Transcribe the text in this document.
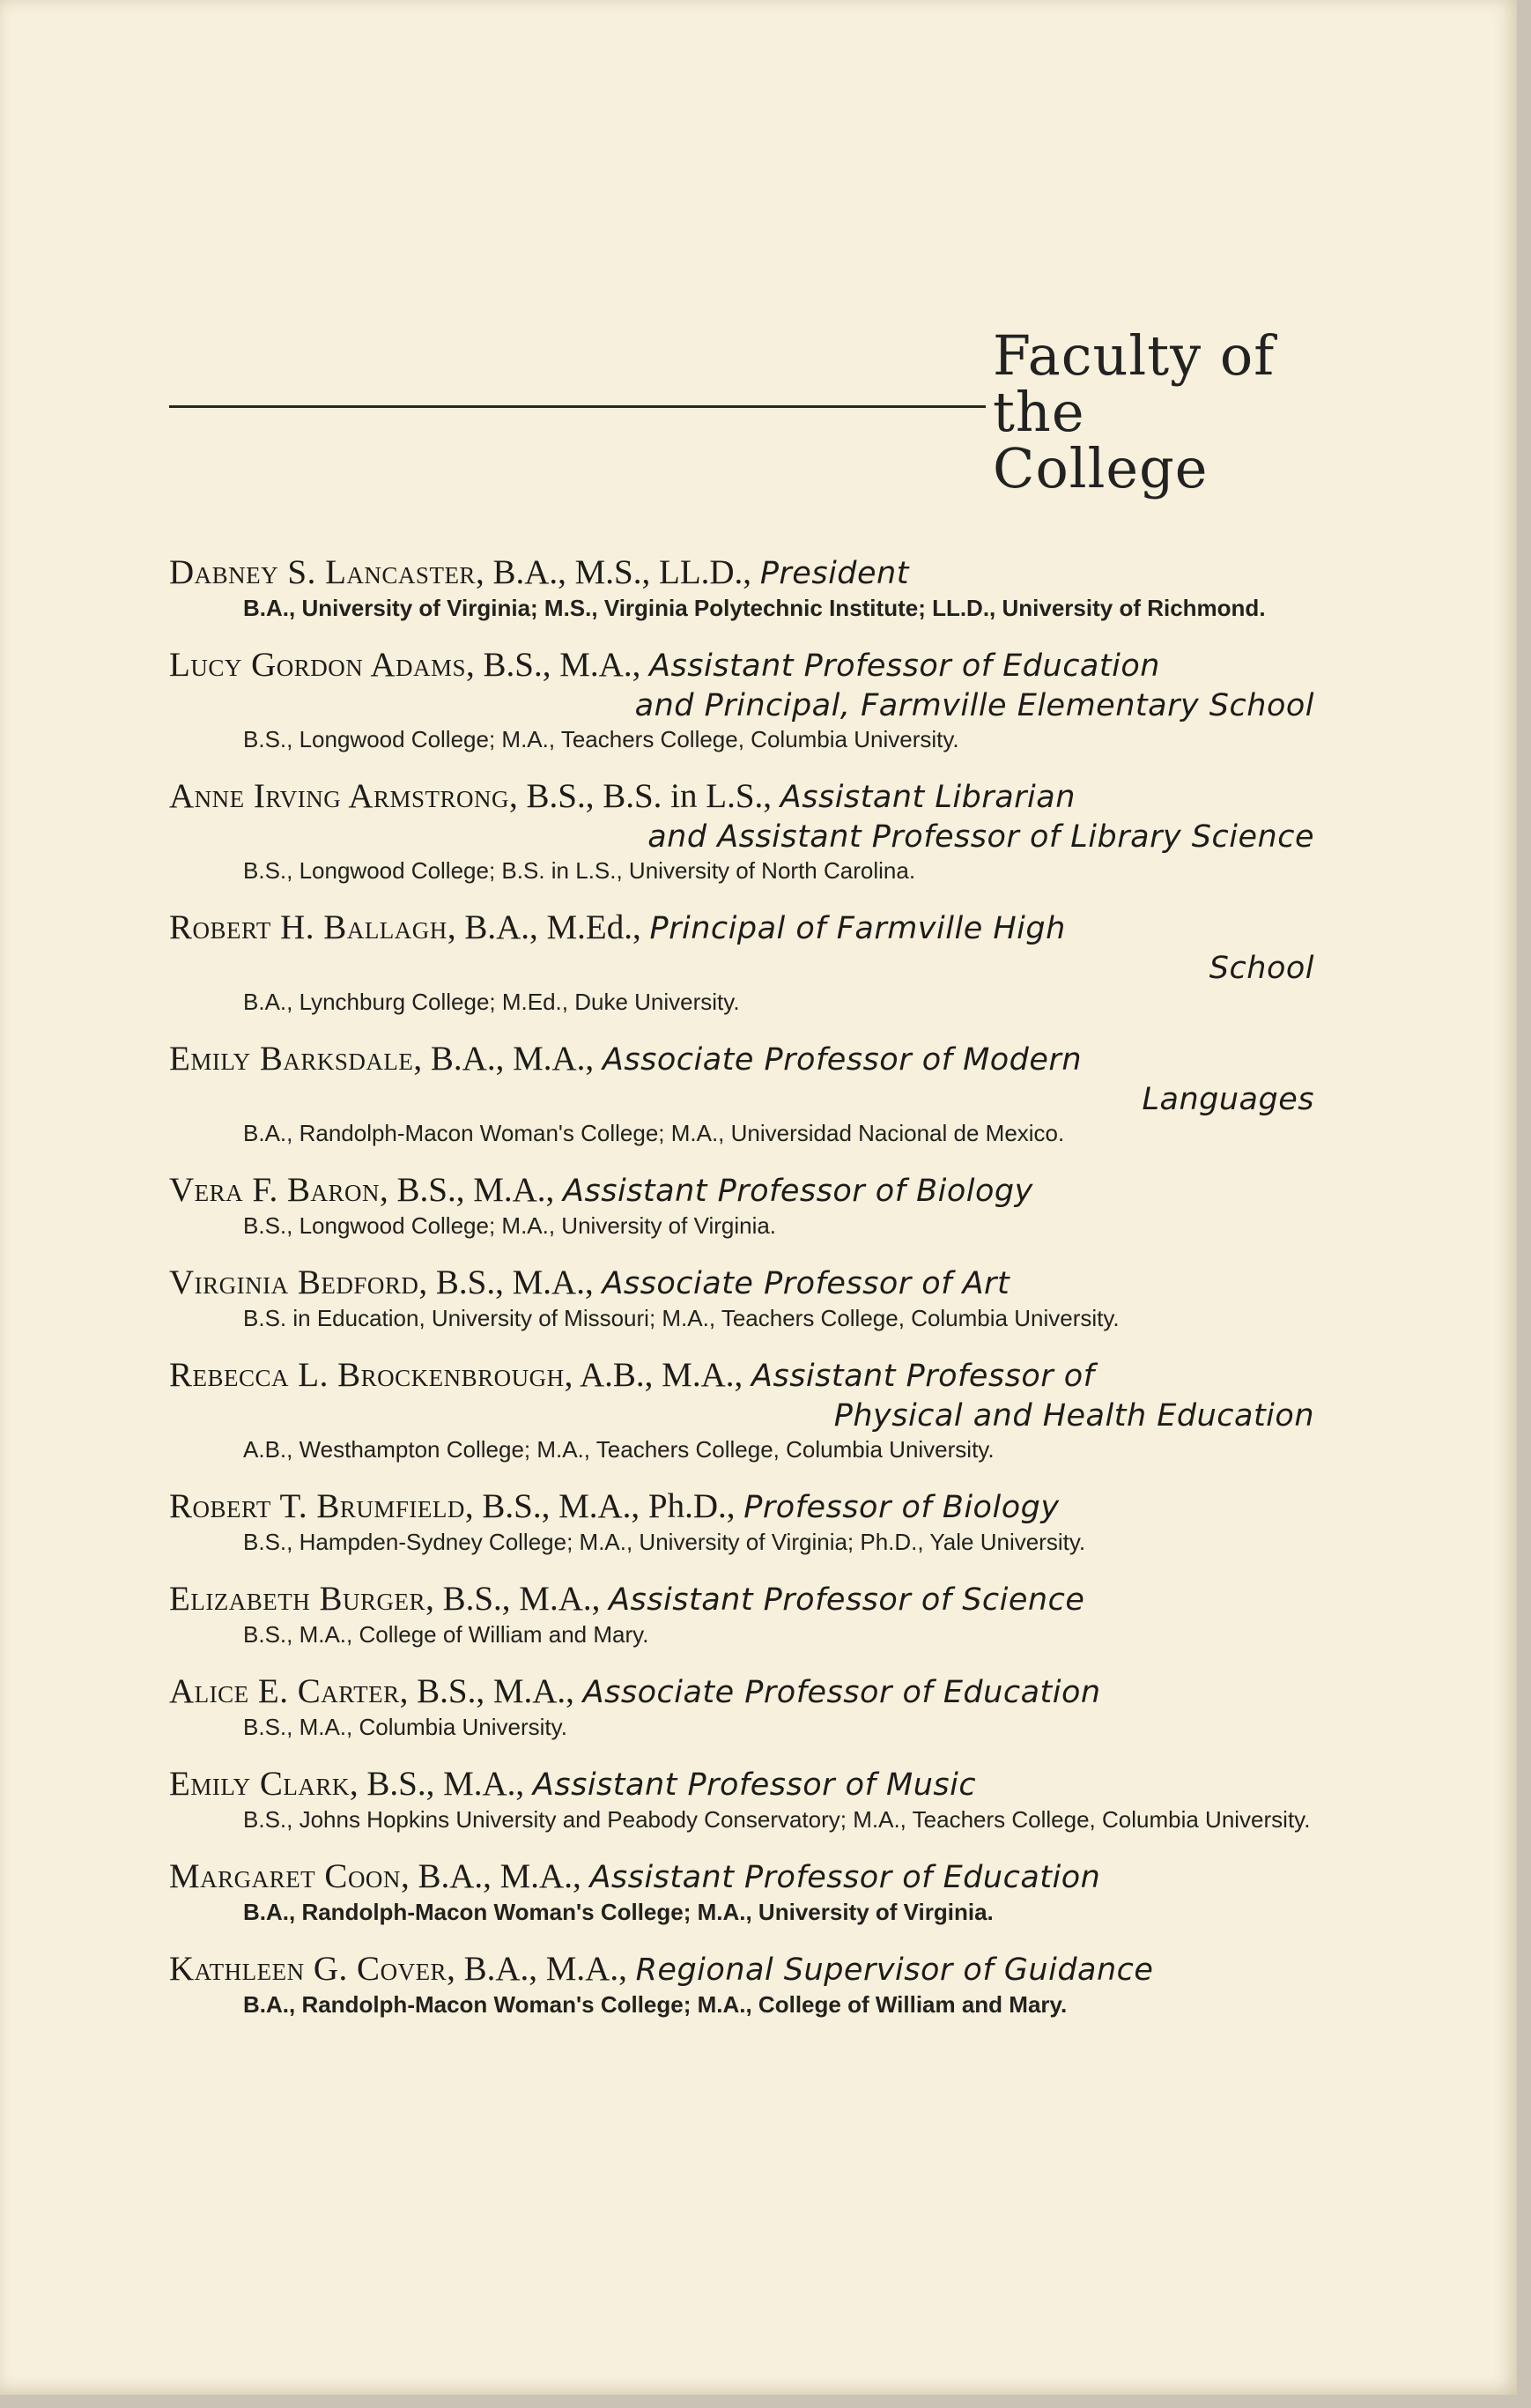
Faculty of

the College
Dabney S. Lancaster, B.A., M.S., LL.D., President
B.A., University of Virginia; M.S., Virginia Polytechnic Institute; LL.D., University of Richmond.
Lucy Gordon Adams, B.S., M.A., Assistant Professor of Education
and Principal, Farmville Elementary School
B.S., Longwood College; M.A., Teachers College, Columbia University.
Anne Irving Armstrong, B.S., B.S. in L.S., Assistant Librarian
and Assistant Professor of Library Science
B.S., Longwood College; B.S. in L.S., University of North Carolina.
Robert H. Ballagh, B.A., M.Ed., Principal of Farmville High
School
B.A., Lynchburg College; M.Ed., Duke University.
Emily Barksdale, B.A., M.A., Associate Professor of Modern
Languages
B.A., Randolph-Macon Woman's College; M.A., Universidad Nacional de Mexico.
Vera F. Baron, B.S., M.A., Assistant Professor of Biology
B.S., Longwood College; M.A., University of Virginia.
Virginia Bedford, B.S., M.A., Associate Professor of Art
B.S. in Education, University of Missouri; M.A., Teachers College, Columbia University.
Rebecca L. Brockenbrough, A.B., M.A., Assistant Professor of
Physical and Health Education
A.B., Westhampton College; M.A., Teachers College, Columbia University.
Robert T. Brumfield, B.S., M.A., Ph.D., Professor of Biology
B.S., Hampden-Sydney College; M.A., University of Virginia; Ph.D., Yale University.
Elizabeth Burger, B.S., M.A., Assistant Professor of Science
B.S., M.A., College of William and Mary.
Alice E. Carter, B.S., M.A., Associate Professor of Education
B.S., M.A., Columbia University.
Emily Clark, B.S., M.A., Assistant Professor of Music
B.S., Johns Hopkins University and Peabody Conservatory; M.A., Teachers College, Columbia University.
Margaret Coon, B.A., M.A., Assistant Professor of Education
B.A., Randolph-Macon Woman's College; M.A., University of Virginia.
Kathleen G. Cover, B.A., M.A., Regional Supervisor of Guidance
B.A., Randolph-Macon Woman's College; M.A., College of William and Mary.
